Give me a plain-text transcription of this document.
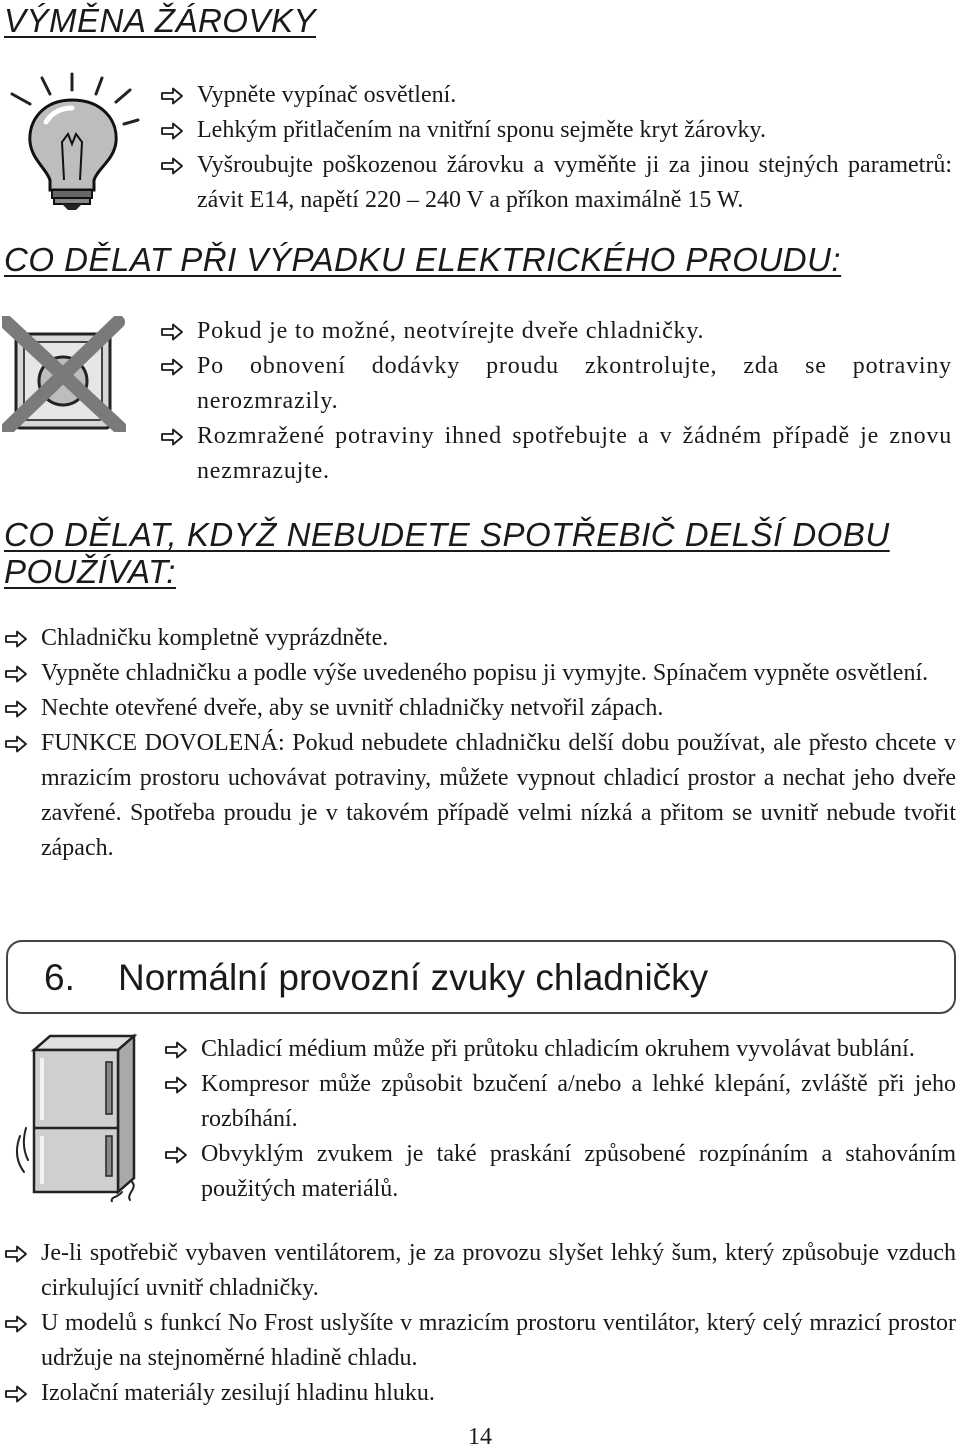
VÝMĚNA ŽÁROVKY
Vypněte vypínač osvětlení.
Lehkým přitlačením na vnitřní sponu sejměte kryt žárovky.
Vyšroubujte poškozenou žárovku a vyměňte ji za jinou stejných parametrů: závit E14, napětí 220 – 240 V a příkon maximálně 15 W.
CO DĚLAT PŘI VÝPADKU ELEKTRICKÉHO PROUDU:
Pokud je to možné, neotvírejte dveře chladničky.
Po obnovení dodávky proudu zkontrolujte, zda se potraviny nerozmrazily.
Rozmražené potraviny ihned spotřebujte a v žádném případě je znovu nezmrazujte.
CO DĚLAT, KDYŽ NEBUDETE SPOTŘEBIČ DELŠÍ DOBU
POUŽÍVAT:
Chladničku kompletně vyprázdněte.
Vypněte chladničku a podle výše uvedeného popisu ji vymyjte. Spínačem vypněte osvětlení.
Nechte otevřené dveře, aby se uvnitř chladničky netvořil zápach.
FUNKCE DOVOLENÁ: Pokud nebudete chladničku delší dobu používat, ale přesto chcete v mrazicím prostoru uchovávat potraviny, můžete vypnout chladicí prostor a nechat jeho dveře zavřené. Spotřeba proudu je v takovém případě velmi nízká a přitom se uvnitř nebude tvořit zápach.
6. Normální provozní zvuky chladničky
Chladicí médium může při průtoku chladicím okruhem vyvolávat bublání.
Kompresor může způsobit bzučení a/nebo a lehké klepání, zvláště při jeho rozbíhání.
Obvyklým zvukem je také praskání způsobené rozpínáním a stahováním použitých materiálů.
Je-li spotřebič vybaven ventilátorem, je za provozu slyšet lehký šum, který způsobuje vzduch cirkulující uvnitř chladničky.
U modelů s funkcí No Frost uslyšíte v mrazicím prostoru ventilátor, který celý mrazicí prostor udržuje na stejnoměrné hladině chladu.
Izolační materiály zesilují hladinu hluku.
14
